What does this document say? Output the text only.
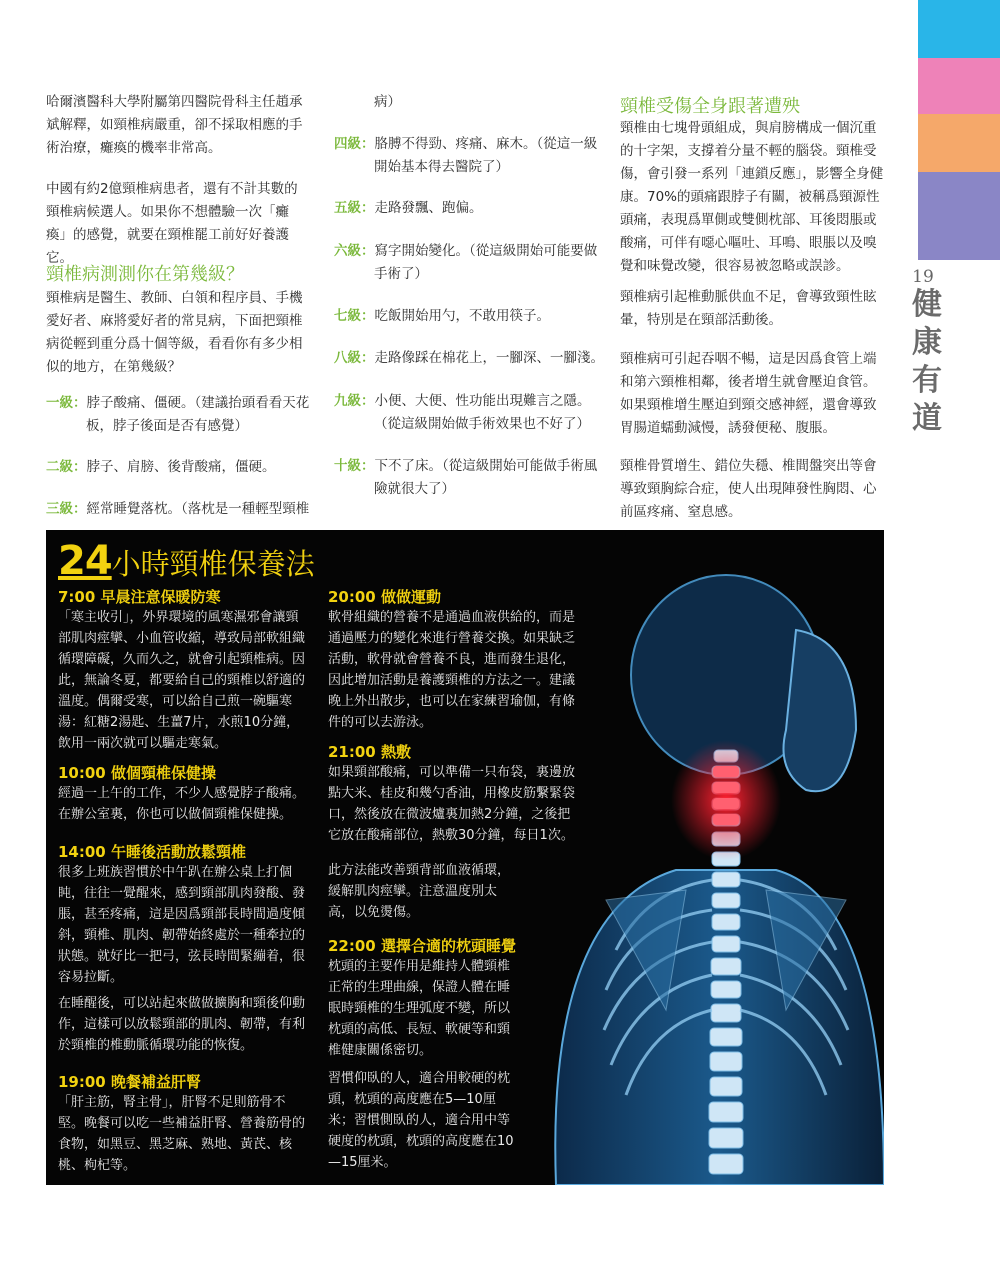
19
健
康
有
道
哈爾濱醫科大學附屬第四醫院骨科主任趙承斌解釋，如頸椎病嚴重，卻不採取相應的手術治療，癱瘓的機率非常高。
中國有約2億頸椎病患者，還有不計其數的頸椎病候選人。如果你不想體驗一次「癱瘓」的感覺，就要在頸椎罷工前好好養護它。
頸椎病測測你在第幾級？
頸椎病是醫生、教師、白領和程序員、手機愛好者、麻將愛好者的常見病，下面把頸椎病從輕到重分爲十個等級，看看你有多少相似的地方，在第幾級？
一級：脖子酸痛、僵硬。（建議抬頭看看天花
板，脖子後面是否有感覺）
二級：脖子、肩膀、後背酸痛，僵硬。
三級：經常睡覺落枕。（落枕是一種輕型頸椎
病）
四級：胳膊不得勁、疼痛、麻木。（從這一級
開始基本得去醫院了）
五級：走路發飄、跑偏。
六級：寫字開始變化。（從這級開始可能要做
手術了）
七級：吃飯開始用勺，不敢用筷子。
八級：走路像踩在棉花上，一腳深、一腳淺。
九級：小便、大便、性功能出現難言之隱。
（從這級開始做手術效果也不好了）
十級：下不了床。（從這級開始可能做手術風
險就很大了）
頸椎受傷全身跟著遭殃
頸椎由七塊骨頭組成，與肩膀構成一個沉重的十字架，支撐着分量不輕的腦袋。頸椎受傷，會引發一系列「連鎖反應」，影響全身健康。70%的頭痛跟脖子有關，被稱爲頸源性頭痛，表現爲單側或雙側枕部、耳後悶脹或酸痛，可伴有噁心嘔吐、耳鳴、眼脹以及嗅覺和味覺改變，很容易被忽略或誤診。
頸椎病引起椎動脈供血不足，會導致頸性眩暈，特別是在頸部活動後。
頸椎病可引起吞咽不暢，這是因爲食管上端和第六頸椎相鄰，後者增生就會壓迫食管。如果頸椎增生壓迫到頸交感神經，還會導致胃腸道蠕動減慢，誘發便秘、腹脹。
頸椎骨質增生、錯位失穩、椎間盤突出等會導致頸胸綜合症，使人出現陣發性胸悶、心前區疼痛、窒息感。
24小時頸椎保養法
7:00 早晨注意保暖防寒
「寒主收引」，外界環境的風寒濕邪會讓頸部肌肉痙攣、小血管收縮，導致局部軟組織循環障礙，久而久之，就會引起頸椎病。因此，無論冬夏，都要給自己的頸椎以舒適的溫度。偶爾受寒，可以給自己煎一碗驅寒湯：紅糖2湯匙、生薑7片，水煎10分鐘，飲用一兩次就可以驅走寒氣。
10:00 做個頸椎保健操
經過一上午的工作，不少人感覺脖子酸痛。在辦公室裏，你也可以做個頸椎保健操。
14:00 午睡後活動放鬆頸椎
很多上班族習慣於中午趴在辦公桌上打個盹，往往一覺醒來，感到頸部肌肉發酸、發脹，甚至疼痛，這是因爲頸部長時間過度傾斜，頸椎、肌肉、韌帶始終處於一種牽拉的狀態。就好比一把弓，弦長時間緊繃着，很容易拉斷。
在睡醒後，可以站起來做做擴胸和頸後仰動作，這樣可以放鬆頸部的肌肉、韌帶，有利於頸椎的椎動脈循環功能的恢復。
19:00 晚餐補益肝腎
「肝主筋，腎主骨」，肝腎不足則筋骨不堅。晚餐可以吃一些補益肝腎、營養筋骨的食物，如黑豆、黑芝麻、熟地、黃芪、核桃、枸杞等。
20:00 做做運動
軟骨組織的營養不是通過血液供給的，而是通過壓力的變化來進行營養交換。如果缺乏活動，軟骨就會營養不良，進而發生退化，因此增加活動是養護頸椎的方法之一。建議晚上外出散步，也可以在家練習瑜伽，有條件的可以去游泳。
21:00 熱敷
如果頸部酸痛，可以準備一只布袋，裏邊放點大米、桂皮和幾勺香油，用橡皮筋繫緊袋口，然後放在微波爐裏加熱2分鐘，之後把它放在酸痛部位，熱敷30分鐘，每日1次。
此方法能改善頸背部血液循環，緩解肌肉痙攣。注意溫度別太高，以免燙傷。
22:00 選擇合適的枕頭睡覺
枕頭的主要作用是維持人體頸椎正常的生理曲線，保證人體在睡眠時頸椎的生理弧度不變，所以枕頭的高低、長短、軟硬等和頸椎健康關係密切。
習慣仰臥的人，適合用較硬的枕頭，枕頭的高度應在5—10厘米；習慣側臥的人，適合用中等硬度的枕頭，枕頭的高度應在10—15厘米。
